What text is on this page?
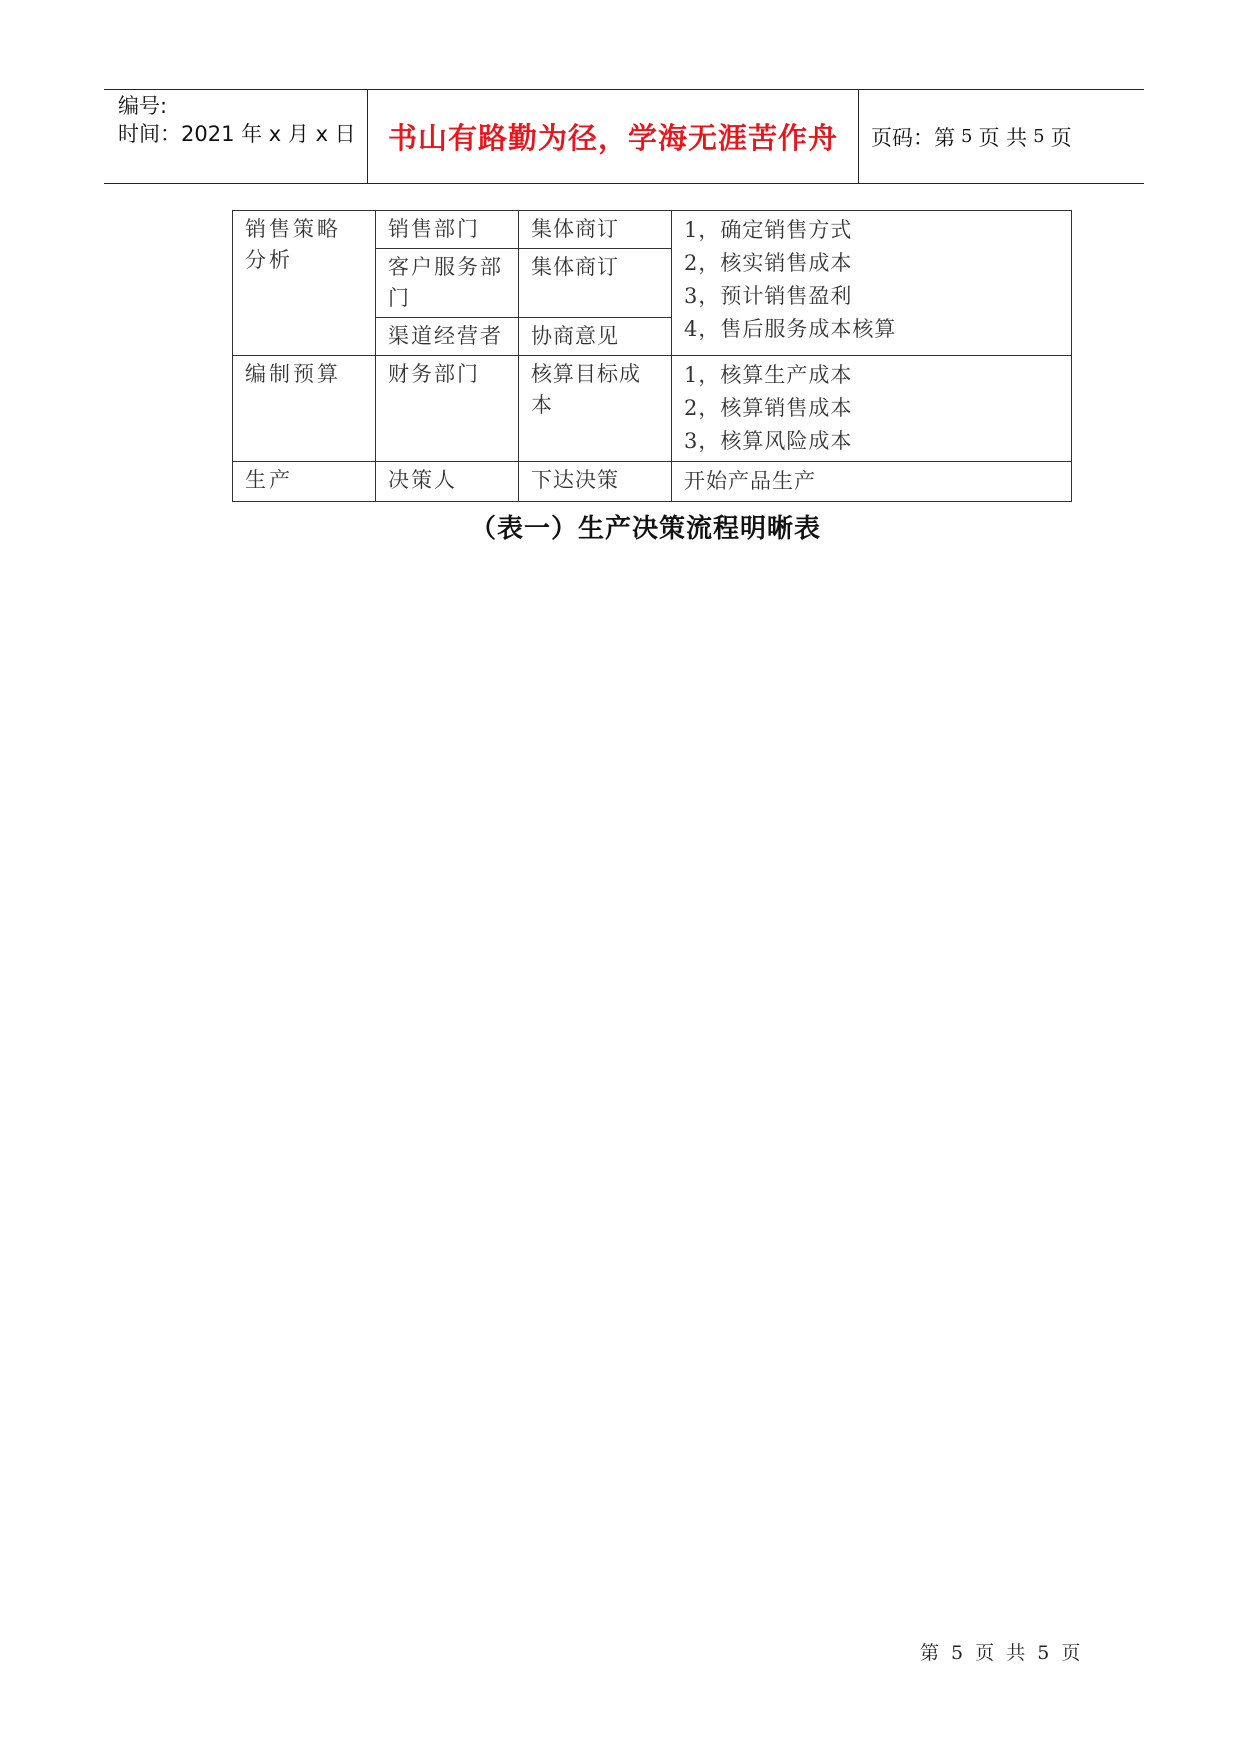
编号:
时间：2021 年 x 月 x 日	书山有路勤为径，学海无涯苦作舟	页码：第 5 页 共 5 页
销售策略分析	销售部门	集体商订	1，确定销售方式
2，核实销售成本
3，预计销售盈利
4，售后服务成本核算

	客户服务部门	集体商订	
	渠道经营者	协商意见	
编制预算	财务部门	核算目标成本	1，核算生产成本
2，核算销售成本
3，核算风险成本

生产	决策人	下达决策	开始产品生产
（表一）生产决策流程明晰表
第 5 页 共 5 页
